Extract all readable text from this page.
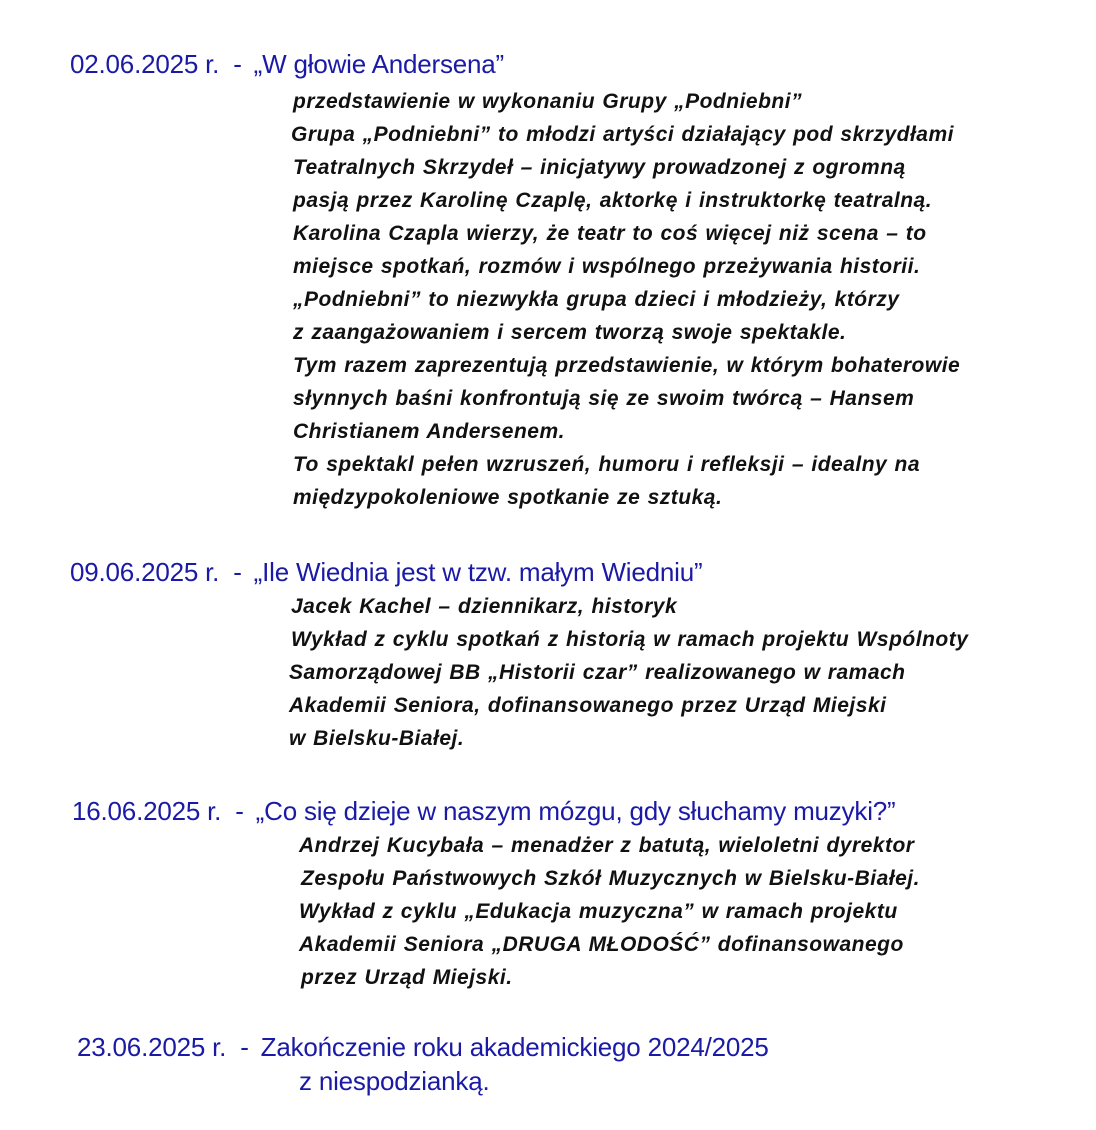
02.06.2025 r. - „W głowie Andersena”
przedstawienie w wykonaniu Grupy „Podniebni”
Grupa „Podniebni” to młodzi artyści działający pod skrzydłami
Teatralnych Skrzydeł – inicjatywy prowadzonej z ogromną
pasją przez Karolinę Czaplę, aktorkę i instruktorkę teatralną.
Karolina Czapla wierzy, że teatr to coś więcej niż scena – to
miejsce spotkań, rozmów i wspólnego przeżywania historii.
„Podniebni” to niezwykła grupa dzieci i młodzieży, którzy
z zaangażowaniem i sercem tworzą swoje spektakle.
Tym razem zaprezentują przedstawienie, w którym bohaterowie
słynnych baśni konfrontują się ze swoim twórcą – Hansem
Christianem Andersenem.
To spektakl pełen wzruszeń, humoru i refleksji – idealny na
międzypokoleniowe spotkanie ze sztuką.
09.06.2025 r. - „Ile Wiednia jest w tzw. małym Wiedniu”
Jacek Kachel – dziennikarz, historyk
Wykład z cyklu spotkań z historią w ramach projektu Wspólnoty
Samorządowej BB „Historii czar” realizowanego w ramach
Akademii Seniora, dofinansowanego przez Urząd Miejski
w Bielsku-Białej.
16.06.2025 r. - „Co się dzieje w naszym mózgu, gdy słuchamy muzyki?”
Andrzej Kucybała – menadżer z batutą, wieloletni dyrektor
Zespołu Państwowych Szkół Muzycznych w Bielsku-Białej.
Wykład z cyklu „Edukacja muzyczna” w ramach projektu
Akademii Seniora „DRUGA MŁODOŚĆ” dofinansowanego
przez Urząd Miejski.
23.06.2025 r. - Zakończenie roku akademickiego 2024/2025
z niespodzianką.
